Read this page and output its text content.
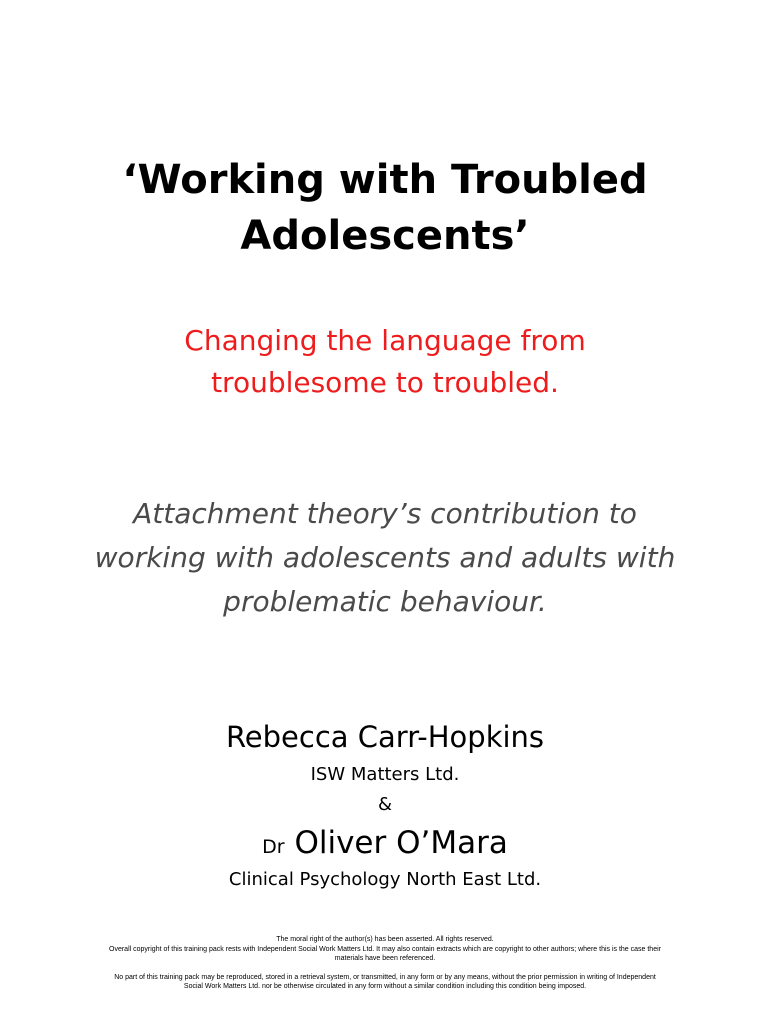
‘Working with Troubled
Adolescents’
Changing the language from
troublesome to troubled.

Attachment theory’s contribution to
working with adolescents and adults with
problematic behaviour.

Rebecca Carr-Hopkins
ISW Matters Ltd.
&
Dr Oliver O’Mara
Clinical Psychology North East Ltd.

The moral right of the author(s) has been asserted. All rights reserved.

Overall copyright of this training pack rests with Independent Social Work Matters Ltd. It may also contain extracts which are copyright to other authors; where this is the case their

materials have been referenced.

No part of this training pack may be reproduced, stored in a retrieval system, or transmitted, in any form or by any means, without the prior permission in writing of Independent

Social Work Matters Ltd. nor be otherwise circulated in any form without a similar condition including this condition being imposed.
